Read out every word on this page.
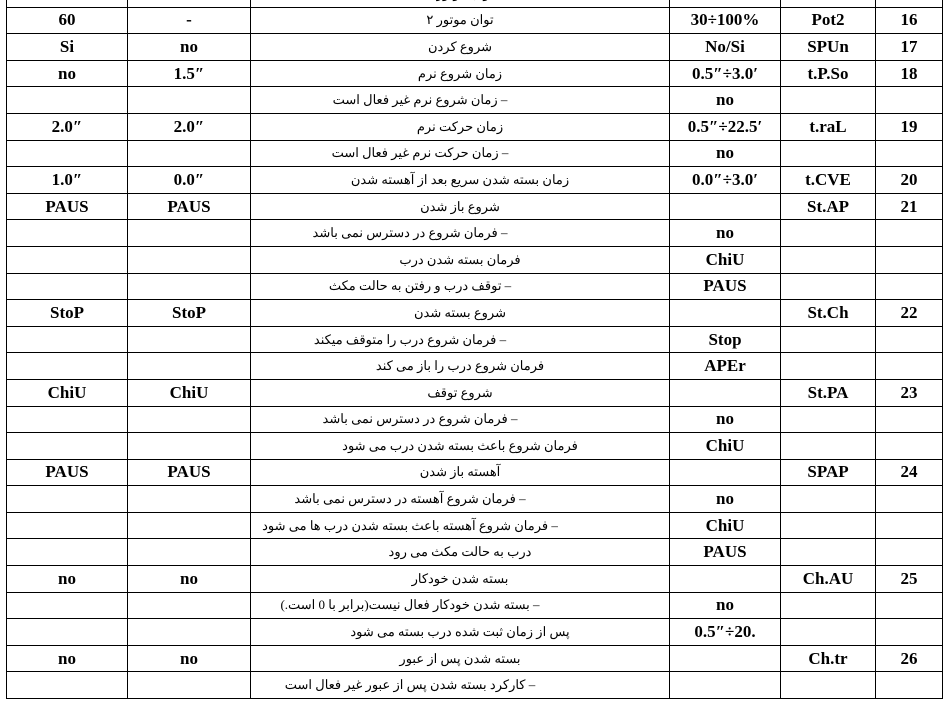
60	-	توان موتور ۲	30÷100%	Pot2	16
Si	no	شروع کردن	No/Si	SPUn	17
no	1.5″	زمان شروع نرم	0.5″÷3.0′	t.P.So	18
		– زمان شروع نرم غیر فعال است	no		
2.0″	2.0″	زمان حرکت نرم	0.5″÷22.5′	t.raL	19
		– زمان حرکت نرم غیر فعال است	no		
1.0″	0.0″	زمان بسته شدن سریع بعد از آهسته شدن	0.0″÷3.0′	t.CVE	20
PAUS	PAUS	شروع باز شدن		St.AP	21
		– فرمان شروع در دسترس نمی باشد	no		
		فرمان بسته شدن درب	ChiU		
		– توقف درب و رفتن به حالت مکث	PAUS		
StoP	StoP	شروع بسته شدن		St.Ch	22
		– فرمان شروع درب را متوقف میکند	Stop		
		فرمان شروع درب را باز می کند	APEr		
ChiU	ChiU	شروع توقف		St.PA	23
		– فرمان شروع در دسترس نمی باشد	no		
		فرمان شروع باعث بسته شدن درب می شود	ChiU		
PAUS	PAUS	آهسته باز شدن		SPAP	24
		– فرمان شروع آهسته در دسترس نمی باشد	no		
		– فرمان شروع آهسته باعث بسته شدن درب ها می شود	ChiU		
		درب به حالت مکث می رود	PAUS		
no	no	بسته شدن خودکار		Ch.AU	25
		– بسته شدن خودکار فعال نیست(برابر با 0 است.)	no		
		پس از زمان ثبت شده درب بسته می شود	0.5″÷20.		
no	no	بسته شدن پس از عبور		Ch.tr	26
		– کارکرد بسته شدن پس از عبور غیر فعال است			
